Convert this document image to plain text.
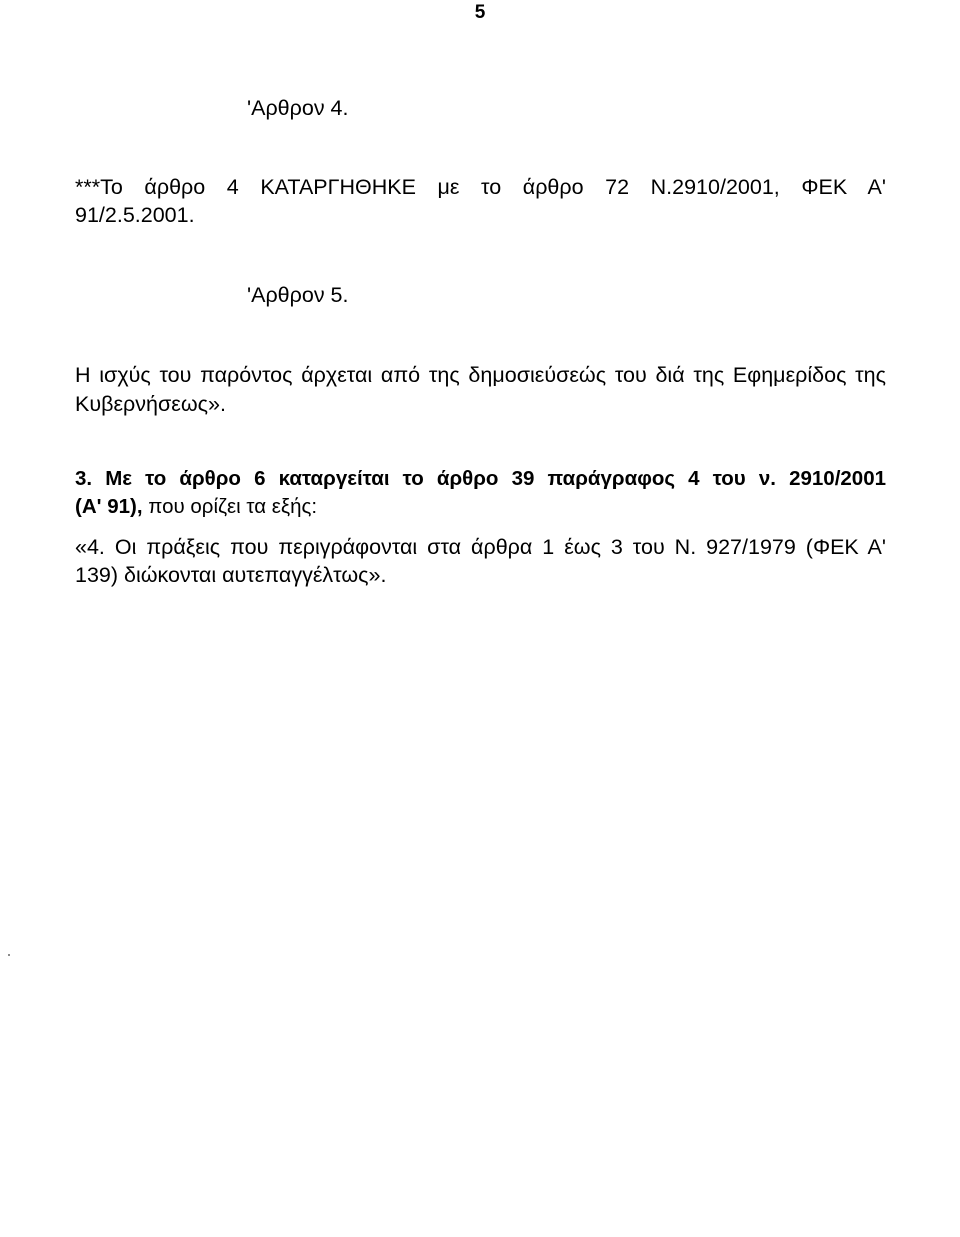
5
'Αρθρον 4.
***Το άρθρο 4 ΚΑΤΑΡΓΗΘΗΚΕ με το άρθρο 72 Ν.2910/2001, ΦΕΚ Α'
91/2.5.2001.
'Αρθρον 5.
Η ισχύς του παρόντος άρχεται από της δημοσιεύσεώς του διά της Εφημερίδος της
Κυβερνήσεως».
3. Με το άρθρο 6 καταργείται το άρθρο 39 παράγραφος 4 του ν. 2910/2001
(Α' 91), που ορίζει τα εξής:
«4. Οι πράξεις που περιγράφονται στα άρθρα 1 έως 3 του Ν. 927/1979 (ΦΕΚ Α'
139) διώκονται αυτεπαγγέλτως».
